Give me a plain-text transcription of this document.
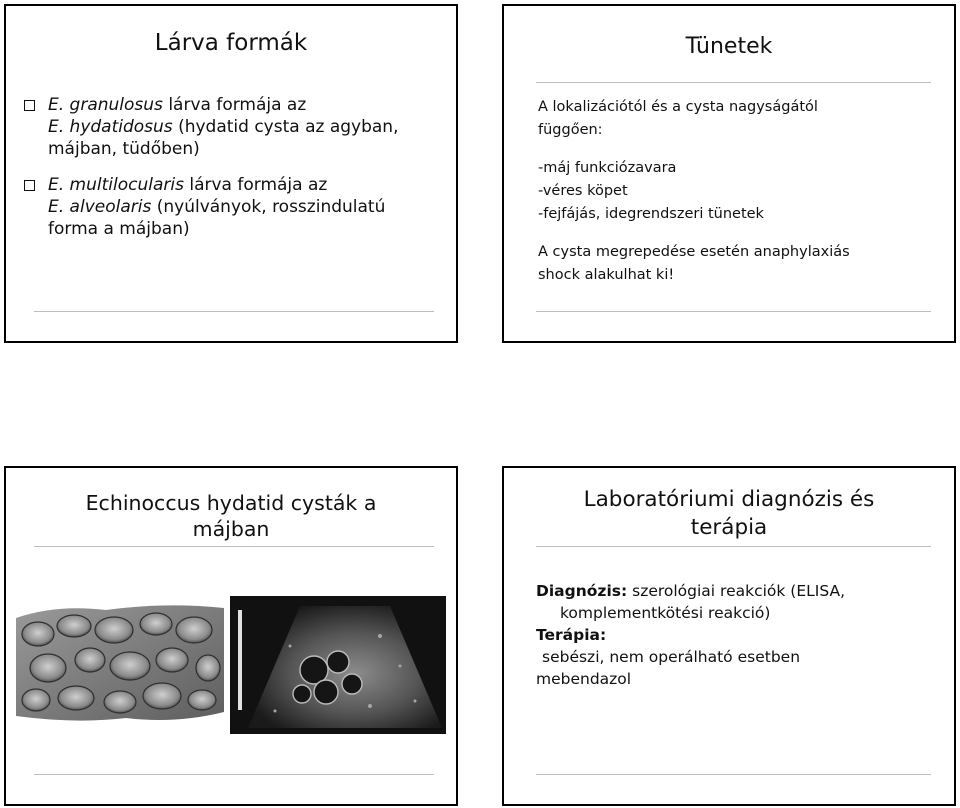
Lárva formák
E. granulosus lárva formája az
E. hydatidosus (hydatid cysta az agyban, májban, tüdőben)
E. multilocularis lárva formája az
E. alveolaris (nyúlványok, rosszindulatú forma a májban)
Tünetek
A lokalizációtól és a cysta nagyságától
függően:
-máj funkciózavara
-véres köpet
-fejfájás, idegrendszeri tünetek
A cysta megrepedése esetén anaphylaxiás
shock alakulhat ki!
Echinoccus hydatid cysták a
májban
Laboratóriumi diagnózis és
terápia
Diagnózis: szerológiai reakciók (ELISA,
komplementkötési reakció)
Terápia:
sebészi, nem operálható esetben
mebendazol
